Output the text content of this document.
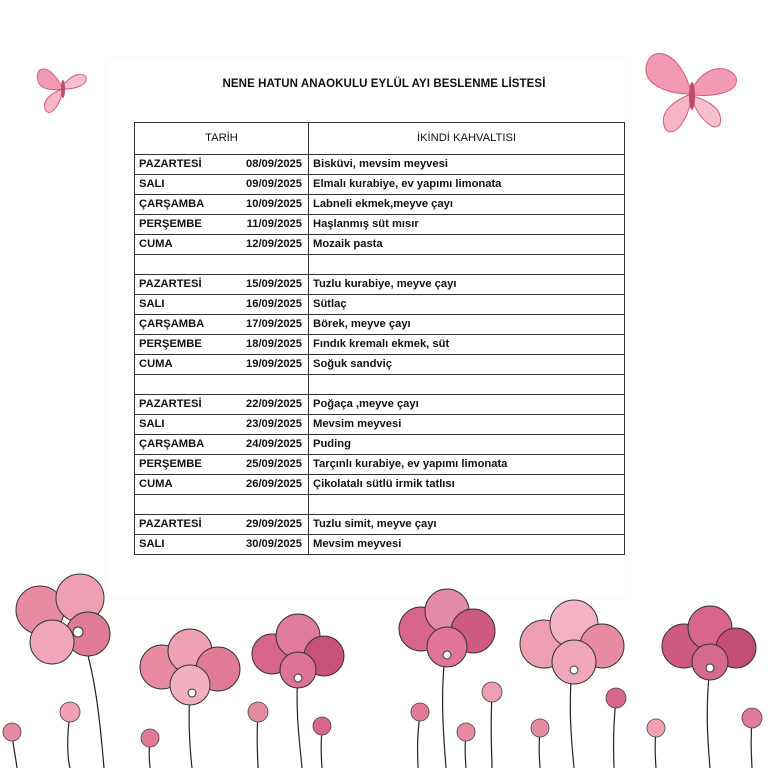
NENE HATUN ANAOKULU EYLÜL AYI BESLENME LİSTESİ
TARİH	İKİNDİ KAHVALTISI

PAZARTESİ 08/09/2025	Bisküvi, mevsim meyvesi

SALI 09/09/2025	Elmalı kurabiye, ev yapımı limonata

ÇARŞAMBA 10/09/2025	Labneli ekmek,meyve çayı

PERŞEMBE 11/09/2025	Haşlanmış süt mısır

CUMA 12/09/2025	Mozaik pasta

PAZARTESİ 15/09/2025	Tuzlu kurabiye, meyve çayı

SALI 16/09/2025	Sütlaç

ÇARŞAMBA 17/09/2025	Börek, meyve çayı

PERŞEMBE 18/09/2025	Fındık kremalı ekmek, süt

CUMA 19/09/2025	Soğuk sandviç

PAZARTESİ 22/09/2025	Poğaça ,meyve çayı

SALI 23/09/2025	Mevsim meyvesi

ÇARŞAMBA 24/09/2025	Puding

PERŞEMBE 25/09/2025	Tarçınlı kurabiye, ev yapımı limonata

CUMA 26/09/2025	Çikolatalı sütlü irmik tatlısı

PAZARTESİ 29/09/2025	Tuzlu simit, meyve çayı

SALI 30/09/2025	Mevsim meyvesi
